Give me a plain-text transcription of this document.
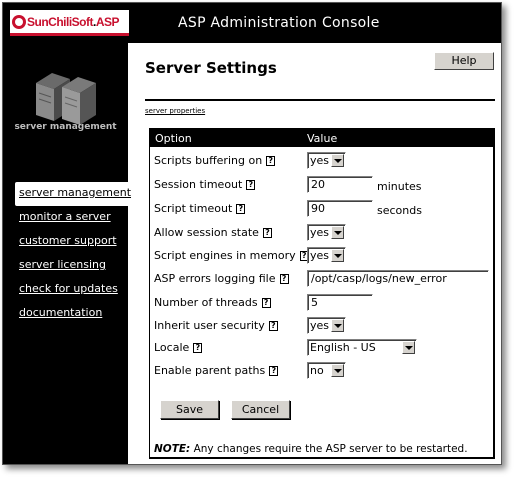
SunChiliSoft.ASP	ASP Administration Console
server management
server management
monitor a server
customer support
server licensing
check for updates
documentation
Server Settings	Help
server properties
Option	Value
Scripts buffering on ?	yes
Session timeout ?	20	minutes
Script timeout ?	90	seconds
Allow session state ?	yes
Script engines in memory ? yes
ASP errors logging file ?	/opt/casp/logs/new_error
Number of threads ?	5
Inherit user security ?	yes
Locale ?	English - US
Enable parent paths ?	no
Save	Cancel
NOTE: Any changes require the ASP server to be restarted.
